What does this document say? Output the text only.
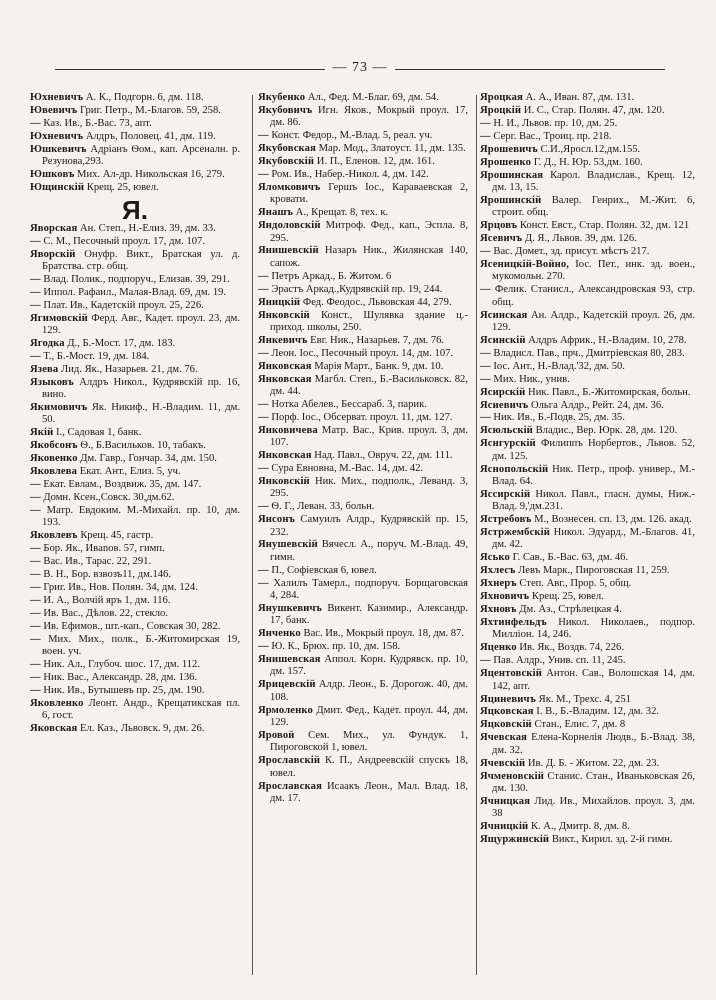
— 73 —
Юхневичъ А. К., Подгорн. 6, дм. 118.
Ювевичъ Григ. Петр., М.-Благов. 59, 258.
— Каз. Ив., Б.-Вас. 73, апт.
Юхневичъ Алдръ, Половец. 41, дм. 119.
Юшкевичъ Адріанъ Ѳом., кап. Арсеналн. р. Резунова,293.
Юшковъ Мих. Ал-др. Никольская 16, 279.
Ющинскій Крещ. 25, ювел.
Я.
Яворская Ан. Степ., Н.-Елиз. 39, дм. 33.
— С. М., Песочный проул. 17, дм. 107.
Яворскій Онуфр. Викт., Братская ул. д. Братства. стр. общ.
— Влад. Полик., подпоруч., Елизав. 39, 291.
— Иппол. Рафаил., Малая-Влад. 69, дм. 19.
— Плат. Ив., Кадетскій проул. 25, 226.
Ягимовскій Ферд. Авг., Кадет. проул. 23, дм. 129.
Ягодка Д., Б.-Мост. 17, дм. 183.
— Т., Б.-Мост. 19, дм. 184.
Язева Лид. Як., Назарьев. 21, дм. 76.
Языковъ Алдръ Никол., Кудрявскій пр. 16, вино.
Якимовичъ Як. Никиф., Н.-Владим. 11, дм. 50.
Якій І., Садовая 1, банк.
Якобсонъ Ѳ., Б.Васильков. 10, табакъ.
Яковенко Дм. Гавр., Гончар. 34, дм. 150.
Яковлева Екат. Ант., Елиз. 5, уч.
— Екат. Евлам., Воздвиж. 35, дм. 147.
— Домн. Ксен.,Совск. 30,дм.62.
— Матр. Евдоким. М.-Михайл. пр. 10, дм. 193.
Яковлевъ Крещ. 45, гастр.
— Бор. Як., Ивanов. 57, гимп.
— Вас. Ив., Тарас. 22, 291.
— В. Н., Бор. взвозъ11, дм.146.
— Григ. Ив., Нов. Полян. 34, дм. 124.
— И. А., Волчій яръ 1, дм. 116.
— Ив. Вас., Дѣлов. 22, стекло.
— Ив. Ефимов., шт.-кап., Совская 30, 282.
— Мих. Мих., полк., Б.-Житомирская 19, воен. уч.
— Ник. Ал., Глубоч. шос. 17, дм. 112.
— Ник. Вас., Александр. 28, дм. 136.
— Ник. Ив., Бутышевъ пр. 25, дм. 190.
Яковленко Леонт. Андр., Крещатикская пл. 6, гост.
Яковская Ел. Каз., Львовск. 9, дм. 26.
Якубенко Ал., Фед. М.-Благ. 69, дм. 54.
Якубовичъ Игн. Яков., Мокрый проул. 17, дм. 86.
— Конст. Федор., М.-Влад. 5, реал. уч.
Якубовская Мар. Мод., Златоуст. 11, дм. 135.
Якубовскій И. П., Еленов. 12, дм. 161.
— Ром. Ив., Набер.-Никол. 4, дм. 142.
Яломковичъ Гершъ Іос., Караваевская 2, кровати.
Янашъ А., Крещат. 8, тех. к.
Яндоловскій Митроф. Фед., кап., Эспла. 8, 295.
Янишевскій Назаръ Ник., Жилянская 140, сапож.
— Петръ Аркад., Б. Житом. 6
— Эрастъ Аркад.,Кудрявскій пр. 19, 244.
Яницкій Фед. Феодос., Львовская 44, 279.
Янковскій Конст., Шулявка здание ц.-приход. школы, 250.
Янкевичъ Евг. Ник., Назарьев. 7, дм. 76.
— Леон. Іос., Песочный проул. 14, дм. 107.
Янковская Марія Март., Банк. 9, дм. 10.
Янковская Магбл. Степ., Б.-Васильковск. 82, дм. 44.
— Нотка Абелев., Бессараб. 3, парик.
— Порф. Іос., Обсерват. проул. 11, дм. 127.
Янковичева Матр. Вас., Крив. проул. 3, дм. 107.
Янковская Над. Павл., Овруч. 22, дм. 111.
— Сура Евновна, М.-Вас. 14, дм. 42.
Янковскій Ник. Мих., подполк., Леванд. 3, 295.
— Ѳ. Г., Леван. 33, больн.
Янсонъ Самуилъ Алдр., Кудрявскій пр. 15, 232.
Янушевскій Вячесл. А., поруч. М.-Влад. 49, гимн.
— П., Софіевская 6, ювел.
— Халилъ Тамерл., подпоруч. Борщаговская 4, 284.
Янушкевичъ Викент. Казимир., Александр. 17, банк.
Янченко Вас. Ив., Мокрый проул. 18, дм. 87.
— Ю. К., Брюх. пр. 10, дм. 158.
Янишевская Аппол. Корн. Кудрявск. пр. 10, дм. 157.
Ярицевскій Алдр. Леон., Б. Дорогож. 40, дм. 108.
Ярмоленко Дмит. Фед., Кадет. проул. 44, дм. 129.
Яровой Сем. Мих., ул. Фундук. 1, Пироговской 1, ювел.
Ярославскій К. П., Андреевскій спускъ 18, ювел.
Ярославская Исаакъ Леон., Мал. Влад. 18, дм. 17.
Яроцкая А. А., Иван. 87, дм. 131.
Яроцкій И. С., Стар. Полян. 47, дм. 120.
— Н. И., Львов. пр. 10, дм. 25.
— Серг. Вас., Троиц. пр. 218.
Ярошевичъ С.И.,Яросл.12,дм.155.
Ярошенко Г. Д., Н. Юр. 53,дм. 160.
Ярошинская Карол. Владислав., Крещ. 12, дм. 13, 15.
Ярошинскій Валер. Генрих., М.-Жит. 6, строит. общ.
Ярцовъ Конст. Евст., Стар. Полян. 32, дм. 121
Ясевичъ Д. Я., Львов. 39, дм. 126.
— Вас. Домет., зд. присут. мѣстъ 217.
Ясеницкій-Войно, Іос. Пет., инк. зд. воен., мукомольн. 270.
— Фелик. Станисл., Александровская 93, стр. общ.
Ясинская Ан. Алдр., Кадетскій проул. 26, дм. 129.
Ясинскій Алдръ Африк., Н.-Владим. 10, 278.
— Владисл. Пав., прч., Дмитріевская 80, 283.
— Іос. Ант., Н.-Влад.'32, дм. 50.
— Мих. Ник., унив.
Ясирскій Ник. Павл., Б.-Житомирская, больн.
Ясиевичъ Ольга Алдр., Рейт. 24, дм. 36.
— Ник. Ив., Б.-Подв. 25, дм. 35.
Ясюльскій Владис., Вер. Юрк. 28, дм. 120.
Яснгурскій Филиппъ Норбертов., Львов. 52, дм. 125.
Яснопольскій Ник. Петр., проф. универ., М.-Влад. 64.
Яссирскій Никол. Павл., гласн. думы, Ниж.-Влад. 9,'дм.231.
Ястребовъ М., Вознесен. сп. 13, дм. 126. акад.
Ястржембскій Никол. Эдуард., М.-Благов. 41, дм. 42.
Ясько Г. Сав., Б.-Вас. 63, дм. 46.
Яхлесъ Левъ Марк., Пироговская 11, 259.
Яхнеръ Степ. Авг., Прор. 5, общ.
Яхновичъ Крещ. 25, ювел.
Яхновъ Дм. Аз., Стрѣлецкая 4.
Яхтинфельдъ Никол. Николаев., подпор. Милліон. 14, 246.
Яценко Ив. Як., Воздв. 74, 226.
— Пав. Алдр., Унив. сп. 11, 245.
Яцентовскій Антон. Сав., Волошская 14, дм. 142, апт.
Яциневичъ Як. М., Трехс. 4, 251
Яцковская І. В., Б.-Владим. 12, дм. 32.
Яцковскій Стан., Елис. 7, дм. 8
Ячевская Елена-Корнелія Людв., Б.-Влад. 38, дм. 32.
Ячевскій Ив. Д. Б. - Житом. 22, дм. 23.
Ячменовскій Станис. Стан., Иваньковская 26, дм. 130.
Ячницкая Лид. Ив., Михайлов. проул. 3, дм. 38
Ячницкій К. А., Дмитр. 8, дм. 8.
Ящуржинскій Викт., Кирил. зд. 2-й гимн.
